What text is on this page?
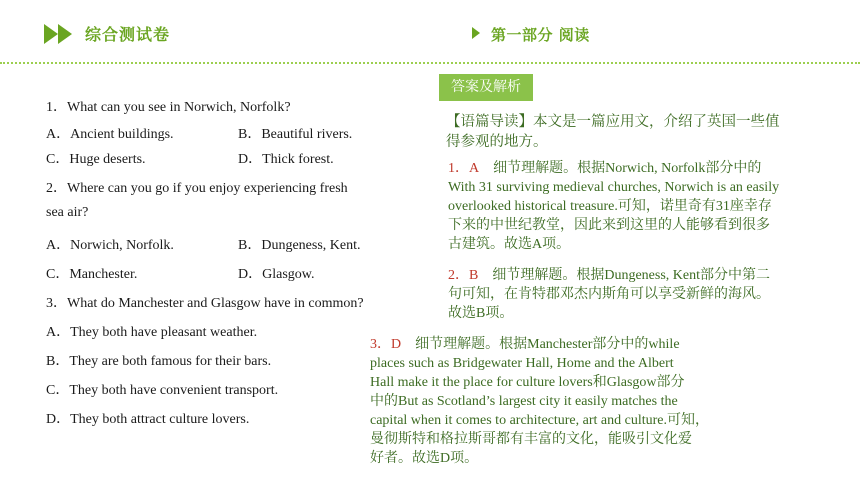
综合测试卷	第一部分 阅读
1．What can you see in Norwich, Norfolk?
A．Ancient buildings.	B．Beautiful rivers.
C．Huge deserts.	D．Thick forest.
2．Where can you go if you enjoy experiencing fresh
sea air?
A．Norwich, Norfolk.	B．Dungeness, Kent.
C．Manchester.	D．Glasgow.
3．What do Manchester and Glasgow have in common?
A．They both have pleasant weather.
B．They are both famous for their bars.
C．They both have convenient transport.
D．They both attract culture lovers.
答案及解析
【语篇导读】本文是一篇应用文，介绍了英国一些值
得参观的地方。
1．A 细节理解题。根据Norwich, Norfolk部分中的
With 31 surviving medieval churches, Norwich is an easily
overlooked historical treasure.可知，诺里奇有31座幸存
下来的中世纪教堂，因此来到这里的人能够看到很多
古建筑。故选A项。
2．B 细节理解题。根据Dungeness, Kent部分中第二
句可知，在肯特郡邓杰内斯角可以享受新鲜的海风。
故选B项。
3．D 细节理解题。根据Manchester部分中的while
places such as Bridgewater Hall, Home and the Albert
Hall make it the place for culture lovers和Glasgow部分
中的But as Scotland’s largest city it easily matches the
capital when it comes to architecture, art and culture.可知，
曼彻斯特和格拉斯哥都有丰富的文化，能吸引文化爱
好者。故选D项。
